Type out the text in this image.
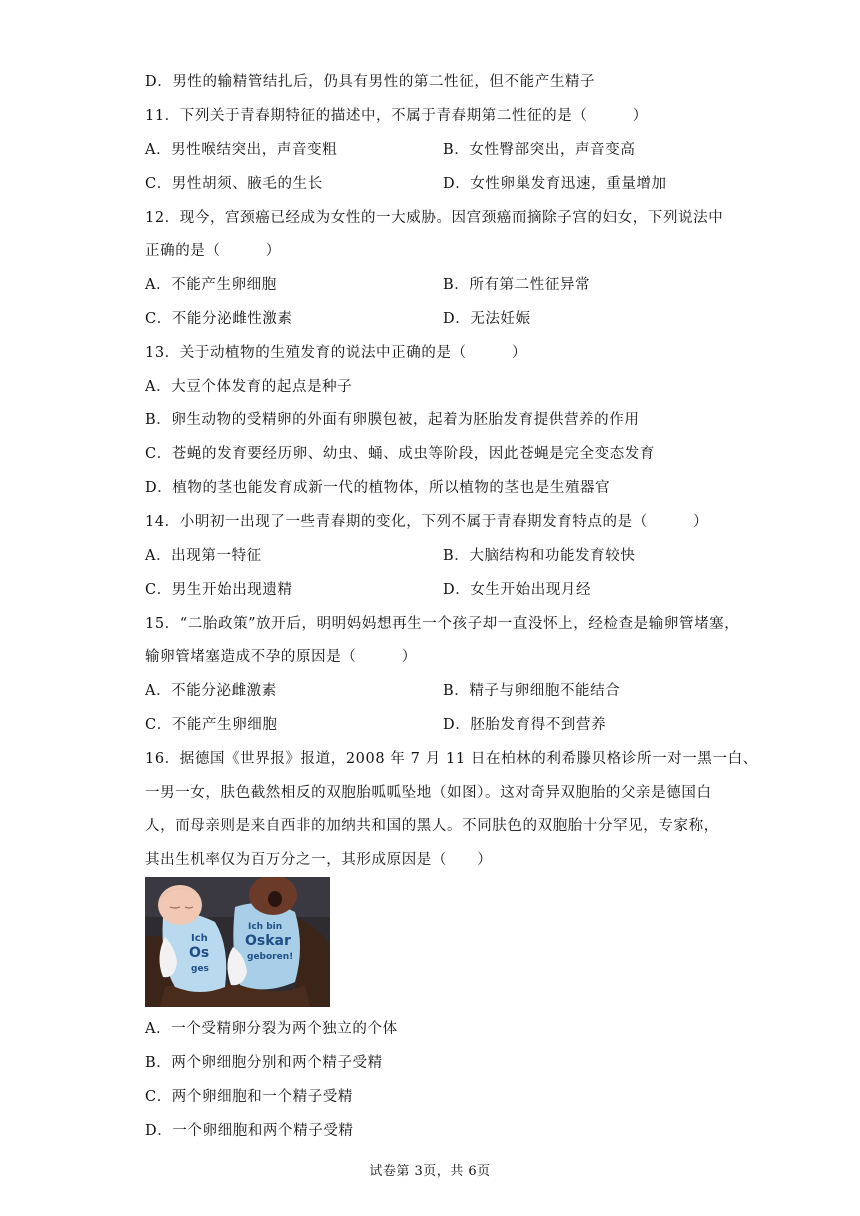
D．男性的输精管结扎后，仍具有男性的第二性征，但不能产生精子
11．下列关于青春期特征的描述中，不属于青春期第二性征的是（　　　）
A．男性喉结突出，声音变粗	B．女性臀部突出，声音变高
C．男性胡须、腋毛的生长	D．女性卵巢发育迅速，重量增加
12．现今，宫颈癌已经成为女性的一大威胁。因宫颈癌而摘除子宫的妇女，下列说法中
正确的是（　　　）
A．不能产生卵细胞	B．所有第二性征异常
C．不能分泌雌性激素	D．无法妊娠
13．关于动植物的生殖发育的说法中正确的是（　　　）
A．大豆个体发育的起点是种子
B．卵生动物的受精卵的外面有卵膜包被，起着为胚胎发育提供营养的作用
C．苍蝇的发育要经历卵、幼虫、蛹、成虫等阶段，因此苍蝇是完全变态发育
D．植物的茎也能发育成新一代的植物体，所以植物的茎也是生殖器官
14．小明初一出现了一些青春期的变化，下列不属于青春期发育特点的是（　　　）
A．出现第一特征	B．大脑结构和功能发育较快
C．男生开始出现遗精	D．女生开始出现月经
15．“二胎政策”放开后，明明妈妈想再生一个孩子却一直没怀上，经检查是输卵管堵塞，
输卵管堵塞造成不孕的原因是（　　　）
A．不能分泌雌激素	B．精子与卵细胞不能结合
C．不能产生卵细胞	D．胚胎发育得不到营养
16．据德国《世界报》报道，2008 年 7 月 11 日在柏林的利希滕贝格诊所一对一黑一白、
一男一女，肤色截然相反的双胞胎呱呱坠地（如图）。这对奇异双胞胎的父亲是德国白
人，而母亲则是来自西非的加纳共和国的黑人。不同肤色的双胞胎十分罕见，专家称，
其出生机率仅为百万分之一，其形成原因是（　　）
Ich
Os
ges
Ich bin
Oskar
geboren!
A．一个受精卵分裂为两个独立的个体
B．两个卵细胞分别和两个精子受精
C．两个卵细胞和一个精子受精
D．一个卵细胞和两个精子受精
试卷第 3页，共 6页
